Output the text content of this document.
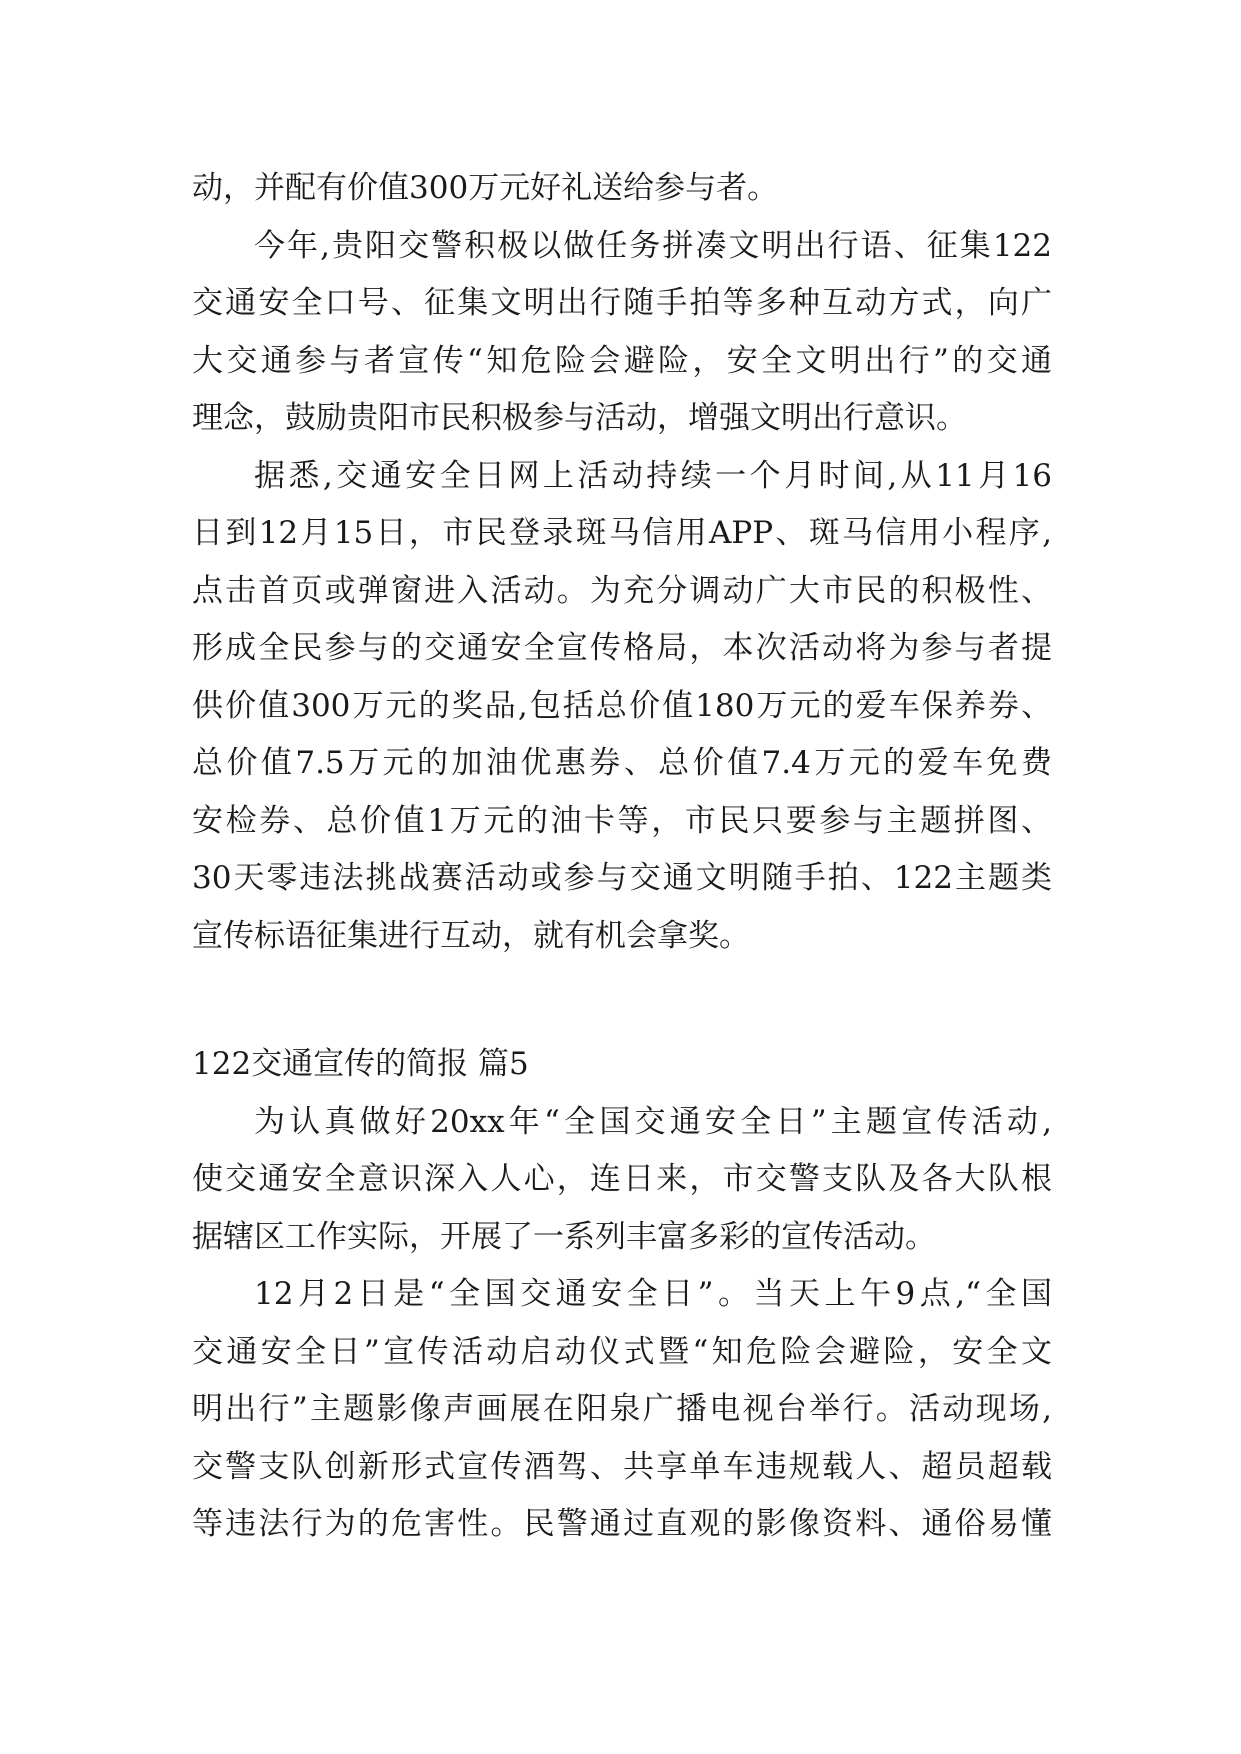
动，并配有价值300万元好礼送给参与者。
今年,贵阳交警积极以做任务拼凑文明出行语、征集122
交通安全口号、征集文明出行随手拍等多种互动方式，向广
大交通参与者宣传“知危险会避险，安全文明出行”的交通
理念，鼓励贵阳市民积极参与活动，增强文明出行意识。
据悉,交通安全日网上活动持续一个月时间,从11月16
日到12月15日，市民登录斑马信用APP、斑马信用小程序,
点击首页或弹窗进入活动。为充分调动广大市民的积极性、
形成全民参与的交通安全宣传格局，本次活动将为参与者提
供价值300万元的奖品,包括总价值180万元的爱车保养券、
总价值7.5万元的加油优惠券、总价值7.4万元的爱车免费
安检券、总价值1万元的油卡等，市民只要参与主题拼图、
30天零违法挑战赛活动或参与交通文明随手拍、122主题类
宣传标语征集进行互动，就有机会拿奖。
122交通宣传的简报 篇5
为认真做好20xx年“全国交通安全日”主题宣传活动,
使交通安全意识深入人心，连日来，市交警支队及各大队根
据辖区工作实际，开展了一系列丰富多彩的宣传活动。
12月2日是“全国交通安全日”。当天上午9点,“全国
交通安全日”宣传活动启动仪式暨“知危险会避险，安全文
明出行”主题影像声画展在阳泉广播电视台举行。活动现场,
交警支队创新形式宣传酒驾、共享单车违规载人、超员超载
等违法行为的危害性。民警通过直观的影像资料、通俗易懂
